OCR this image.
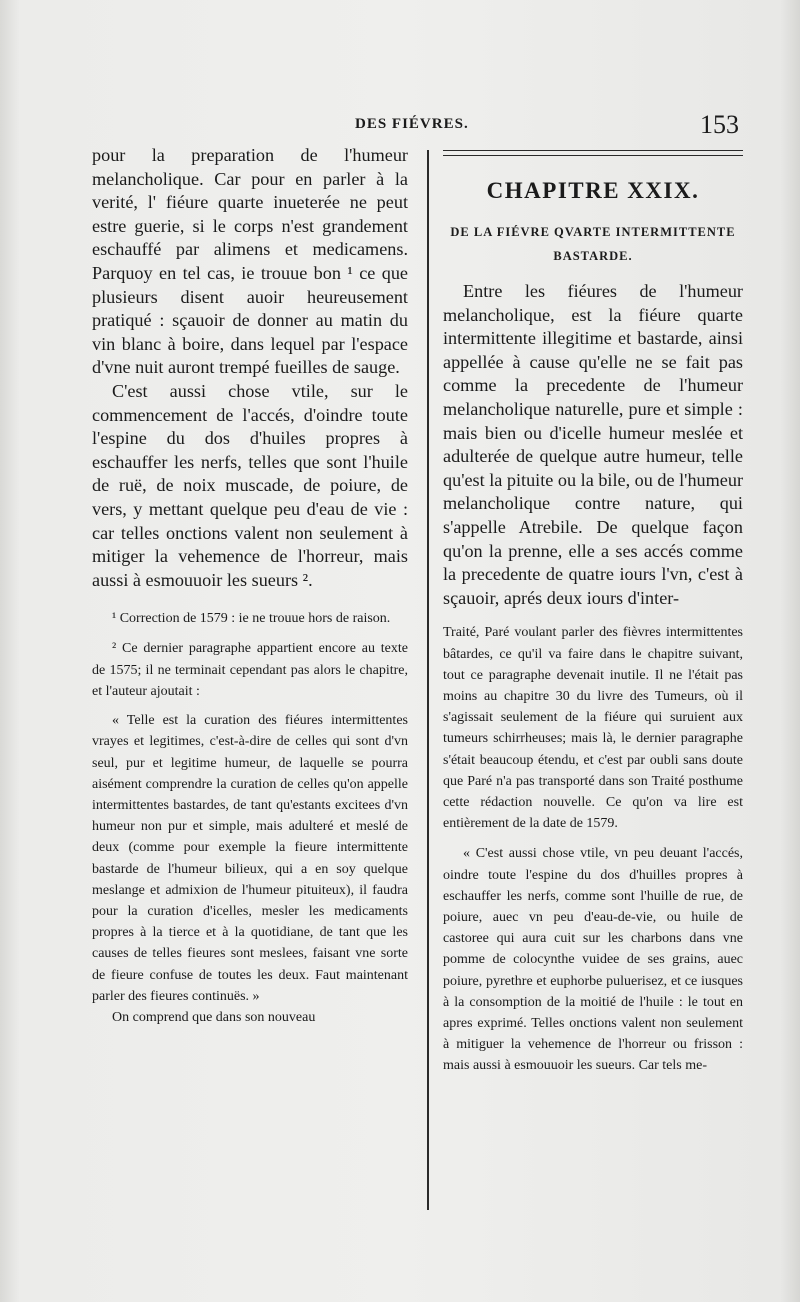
DES FIÉVRES.	153

pour la preparation de l'humeur melancholique. Car pour en parler à la verité, l' fiéure quarte inueterée ne peut estre guerie, si le corps n'est grandement eschauffé par alimens et medicamens. Parquoy en tel cas, ie trouue bon ¹ ce que plusieurs disent auoir heureusement pratiqué : sçauoir de donner au matin du vin blanc à boire, dans lequel par l'espace d'vne nuit auront trempé fueilles de sauge.

C'est aussi chose vtile, sur le commencement de l'accés, d'oindre toute l'espine du dos d'huiles propres à eschauffer les nerfs, telles que sont l'huile de ruë, de noix muscade, de poiure, de vers, y mettant quelque peu d'eau de vie : car telles onctions valent non seulement à mitiger la vehemence de l'horreur, mais aussi à esmouuoir les sueurs ².

¹ Correction de 1579 : ie ne trouue hors de raison.

² Ce dernier paragraphe appartient encore au texte de 1575; il ne terminait cependant pas alors le chapitre, et l'auteur ajoutait :

« Telle est la curation des fiéures intermittentes vrayes et legitimes, c'est-à-dire de celles qui sont d'vn seul, pur et legitime humeur, de laquelle se pourra aisément comprendre la curation de celles qu'on appelle intermittentes bastardes, de tant qu'estants excitees d'vn humeur non pur et simple, mais adulteré et meslé de deux (comme pour exemple la fieure intermittente bastarde de l'humeur bilieux, qui a en soy quelque meslange et admixion de l'humeur pituiteux), il faudra pour la curation d'icelles, mesler les medicaments propres à la tierce et à la quotidiane, de tant que les causes de telles fieures sont meslees, faisant vne sorte de fieure confuse de toutes les deux. Faut maintenant parler des fieures continuës. »

On comprend que dans son nouveau

CHAPITRE XXIX.
DE LA FIÉVRE QVARTE INTERMITTENTE BASTARDE.

Entre les fiéures de l'humeur melancholique, est la fiéure quarte intermittente illegitime et bastarde, ainsi appellée à cause qu'elle ne se fait pas comme la precedente de l'humeur melancholique naturelle, pure et simple : mais bien ou d'icelle humeur meslée et adulterée de quelque autre humeur, telle qu'est la pituite ou la bile, ou de l'humeur melancholique contre nature, qui s'appelle Atrebile. De quelque façon qu'on la prenne, elle a ses accés comme la precedente de quatre iours l'vn, c'est à sçauoir, aprés deux iours d'inter-

Traité, Paré voulant parler des fièvres intermittentes bâtardes, ce qu'il va faire dans le chapitre suivant, tout ce paragraphe devenait inutile. Il ne l'était pas moins au chapitre 30 du livre des Tumeurs, où il s'agissait seulement de la fiéure qui suruient aux tumeurs schirrheuses; mais là, le dernier paragraphe s'était beaucoup étendu, et c'est par oubli sans doute que Paré n'a pas transporté dans son Traité posthume cette rédaction nouvelle. Ce qu'on va lire est entièrement de la date de 1579.

« C'est aussi chose vtile, vn peu deuant l'accés, oindre toute l'espine du dos d'huilles propres à eschauffer les nerfs, comme sont l'huille de rue, de poiure, auec vn peu d'eau-de-vie, ou huile de castoree qui aura cuit sur les charbons dans vne pomme de colocynthe vuidee de ses grains, auec poiure, pyrethre et euphorbe puluerisez, et ce iusques à la consomption de la moitié de l'huile : le tout en apres exprimé. Telles onctions valent non seulement à mitiguer la vehemence de l'horreur ou frisson : mais aussi à esmouuoir les sueurs. Car tels me-
